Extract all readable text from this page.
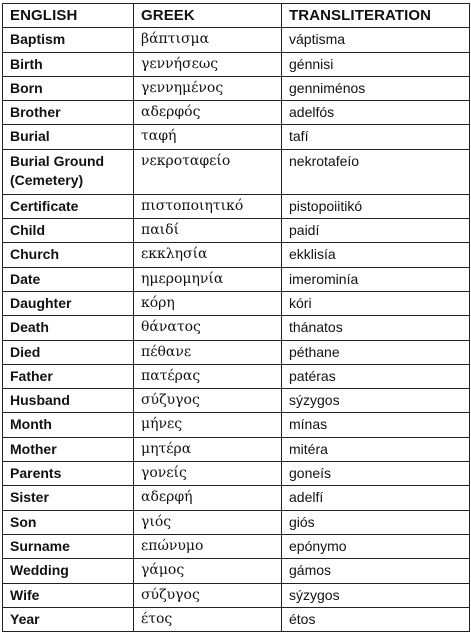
ENGLISH	GREEK	TRANSLITERATION
Baptism	βάπτισμα	váptisma
Birth	γεννήσεως	génnisi
Born	γεννημένος	genniménos
Brother	αδερφός	adelfós
Burial	ταφή	tafí
Burial Ground (Cemetery)	νεκροταφείο	nekrotafeío
Certificate	πιστοποιητικό	pistopoiitikó
Child	παιδί	paidí
Church	εκκλησία	ekklisía
Date	ημερομηνία	imerominía
Daughter	κόρη	kóri
Death	θάνατος	thánatos
Died	πέθανε	péthane
Father	πατέρας	patéras
Husband	σύζυγος	sýzygos
Month	μήνες	mínas
Mother	μητέρα	mitéra
Parents	γονείς	goneís
Sister	αδερφή	adelfí
Son	γιός	giós
Surname	επώνυμο	epónymo
Wedding	γάμος	gámos
Wife	σύζυγος	sýzygos
Year	έτος	étos
